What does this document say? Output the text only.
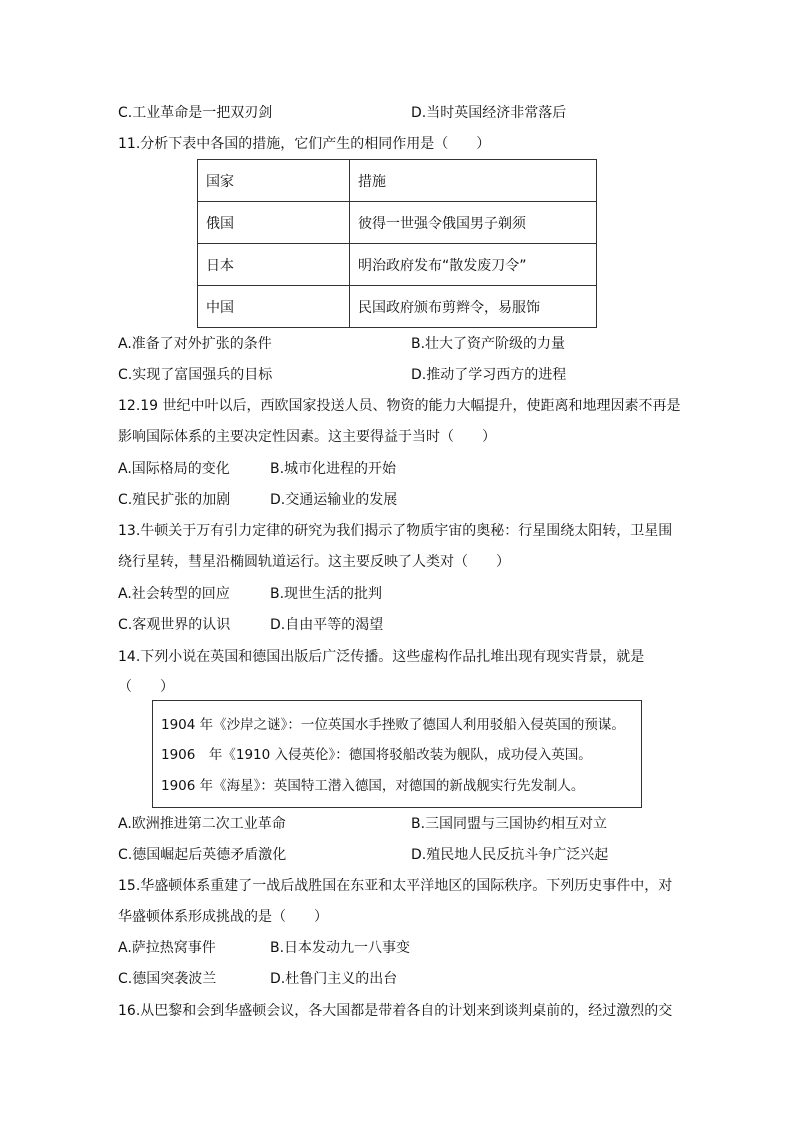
C.工业革命是一把双刃剑	D.当时英国经济非常落后
11.分析下表中各国的措施，它们产生的相同作用是（　　）
国家	措施
俄国	彼得一世强令俄国男子剃须
日本	明治政府发布“散发废刀令”
中国	民国政府颁布剪辫令，易服饰
A.准备了对外扩张的条件	B.壮大了资产阶级的力量
C.实现了富国强兵的目标	D.推动了学习西方的进程
12.19 世纪中叶以后，西欧国家投送人员、物资的能力大幅提升，使距离和地理因素不再是
影响国际体系的主要决定性因素。这主要得益于当时（　　）
A.国际格局的变化	B.城市化进程的开始
C.殖民扩张的加剧	D.交通运输业的发展
13.牛顿关于万有引力定律的研究为我们揭示了物质宇宙的奥秘：行星围绕太阳转，卫星围
绕行星转，彗星沿椭圆轨道运行。这主要反映了人类对（　　）
A.社会转型的回应	B.现世生活的批判
C.客观世界的认识	D.自由平等的渴望
14.下列小说在英国和德国出版后广泛传播。这些虚构作品扎堆出现有现实背景，就是
（　　）
1904 年《沙岸之谜》：一位英国水手挫败了德国人利用驳船入侵英国的预谋。
1906　年《1910 入侵英伦》：德国将驳船改装为舰队，成功侵入英国。
1906 年《海星》：英国特工潜入德国，对德国的新战舰实行先发制人。
A.欧洲推进第二次工业革命	B.三国同盟与三国协约相互对立
C.德国崛起后英德矛盾激化	D.殖民地人民反抗斗争广泛兴起
15.华盛顿体系重建了一战后战胜国在东亚和太平洋地区的国际秩序。下列历史事件中，对
华盛顿体系形成挑战的是（　　）
A.萨拉热窝事件	B.日本发动九一八事变
C.德国突袭波兰	D.杜鲁门主义的出台
16.从巴黎和会到华盛顿会议，各大国都是带着各自的计划来到谈判桌前的，经过激烈的交
